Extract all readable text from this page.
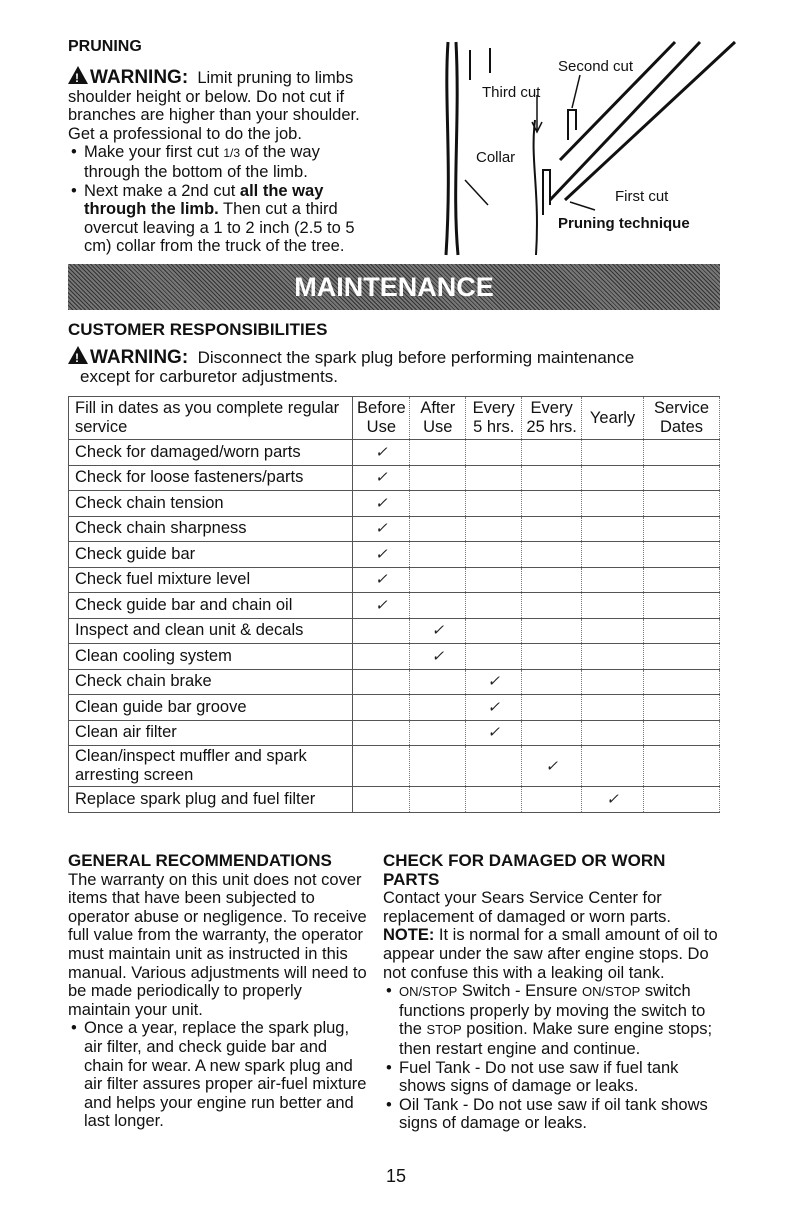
PRUNING

!WARNING: Limit pruning to limbs shoulder height or below. Do not cut if branches are higher than your shoulder. Get a professional to do the job.

• Make your first cut 1/3 of the way through the bottom of the limb.
• Next make a 2nd cut all the way through the limb. Then cut a third overcut leaving a 1 to 2 inch (2.5 to 5 cm) collar from the truck of the tree.
Second cut
Third cut
Collar
First cut
Pruning technique
MAINTENANCE
CUSTOMER RESPONSIBILITIES

!WARNING: Disconnect the spark plug before performing maintenance

except for carburetor adjustments.

Fill in dates as you complete regular service	Before Use	After Use	Every 5 hrs.	Every 25 hrs.	Yearly	Service Dates
Check for damaged/worn parts	✓					
Check for loose fasteners/parts	✓					
Check chain tension	✓					
Check chain sharpness	✓					
Check guide bar	✓					
Check fuel mixture level	✓					
Check guide bar and chain oil	✓					
Inspect and clean unit & decals		✓				
Clean cooling system		✓				
Check chain brake			✓			
Clean guide bar groove			✓			
Clean air filter			✓			
Clean/inspect muffler and spark arresting screen				✓		
Replace spark plug and fuel filter					✓	

GENERAL RECOMMENDATIONS

The warranty on this unit does not cover items that have been subjected to operator abuse or negligence. To receive full value from the warranty, the operator must maintain unit as instructed in this manual. Various adjustments will need to be made periodically to properly maintain your unit.

• Once a year, replace the spark plug, air filter, and check guide bar and chain for wear. A new spark plug and air filter assures proper air-fuel mixture and helps your engine run better and last longer.

CHECK FOR DAMAGED OR WORN PARTS

Contact your Sears Service Center for replacement of damaged or worn parts.

NOTE: It is normal for a small amount of oil to appear under the saw after engine stops. Do not confuse this with a leaking oil tank.

• ON/STOP Switch - Ensure ON/STOP switch functions properly by moving the switch to the STOP position. Make sure engine stops; then restart engine and continue.
• Fuel Tank - Do not use saw if fuel tank shows signs of damage or leaks.
• Oil Tank - Do not use saw if oil tank shows signs of damage or leaks.
15
